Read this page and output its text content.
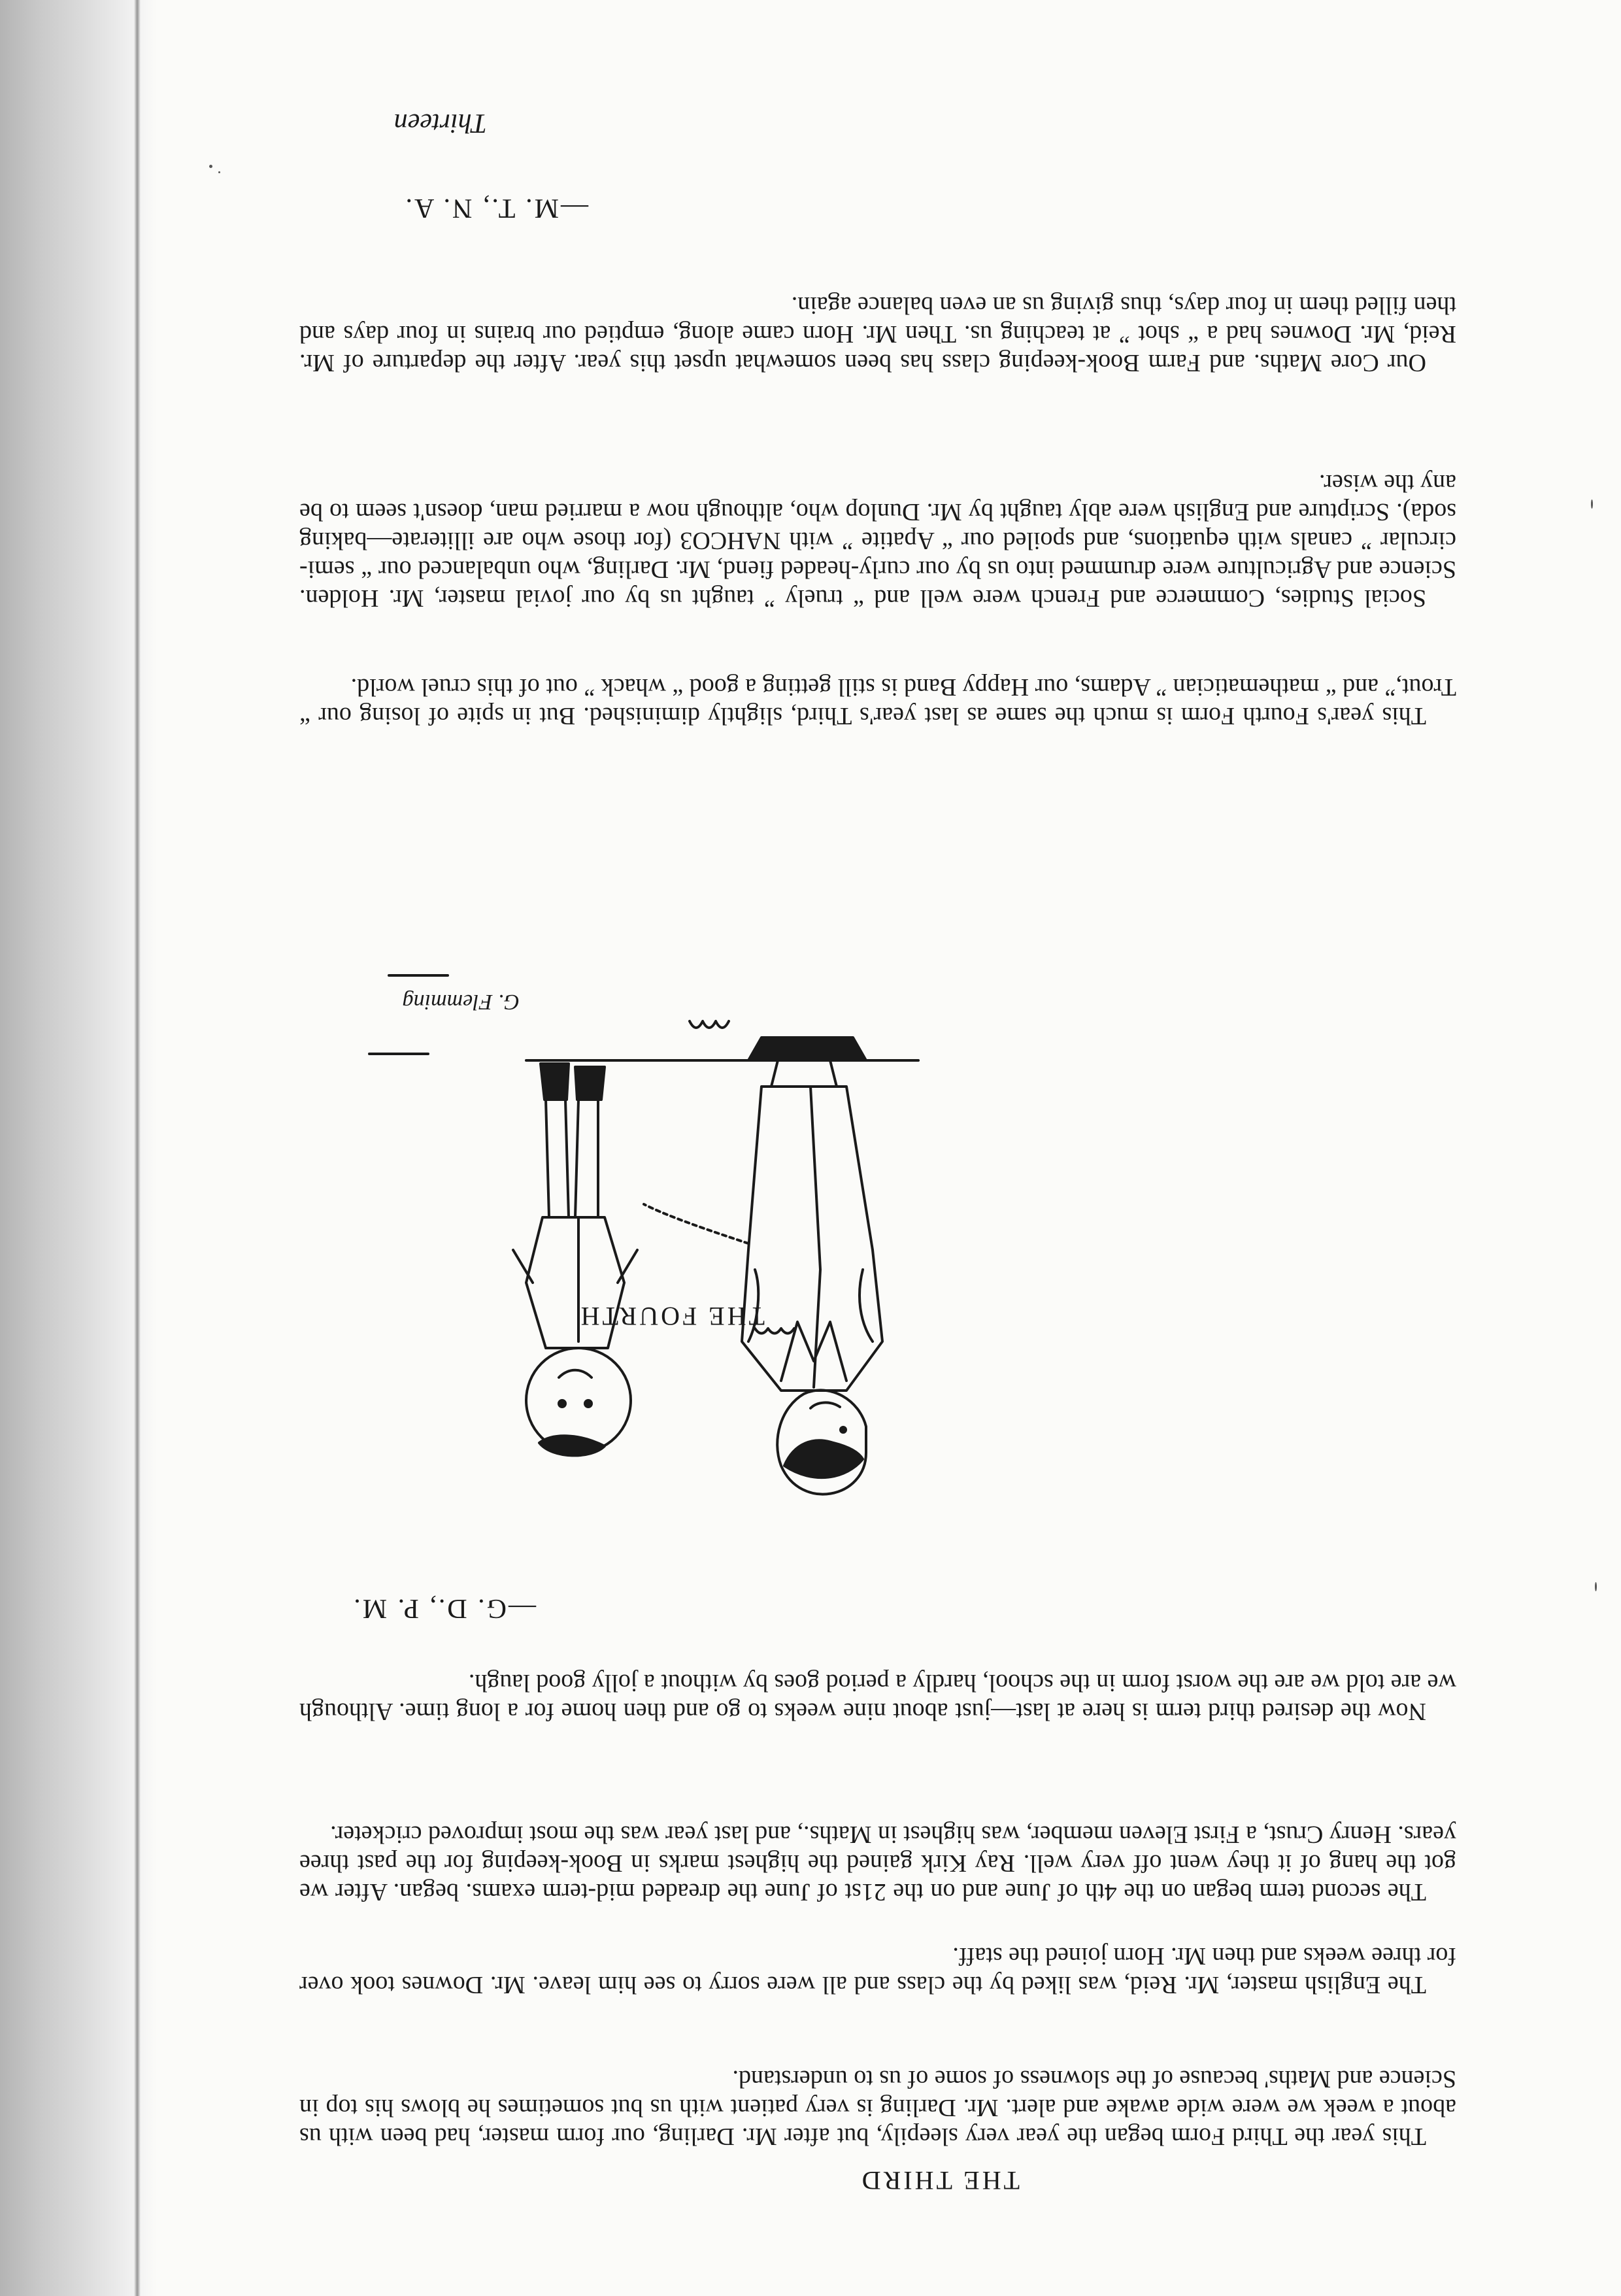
Thirteen

THE THIRD

This year the Third Form began the year very sleepily, but after Mr. Darling, our form master, had been with us about a week we were wide awake and alert. Mr. Darling is very patient with us but sometimes he blows his top in Science and Maths' because of the slowness of some of us to understand.

The English master, Mr. Reid, was liked by the class and all were sorry to see him leave. Mr. Downes took over for three weeks and then Mr. Horn joined the staff.

The second term began on the 4th of June and on the 21st of June the dreaded mid-term exams. began. After we got the hang of it they went off very well. Ray Kirk gained the highest marks in Book-keeping for the past three years. Henry Crust, a First Eleven member, was highest in Maths., and last year was the most improved cricketer.

Now the desired third term is here at last—just about nine weeks to go and then home for a long time. Although we are told we are the worst form in the school, hardly a period goes by without a jolly good laugh.

—G. D., P. M.

G. Flemming
THE FOURTH

This year's Fourth Form is much the same as last year's Third, slightly diminished. But in spite of losing our “ Trout,” and “ mathematician ” Adams, our Happy Band is still getting a good “ whack ” out of this cruel world.

Social Studies, Commerce and French were well and “ truely ” taught us by our jovial master, Mr. Holden. Science and Agriculture were drummed into us by our curly-headed fiend, Mr. Darling, who unbalanced our “ semi-circular ” canals with equations, and spoiled our “ Apatite ” with NAHCO3 (for those who are illiterate—baking soda). Scripture and English were ably taught by Mr. Dunlop who, although now a married man, doesn't seem to be any the wiser.

Our Core Maths. and Farm Book-keeping class has been somewhat upset this year. After the departure of Mr. Reid, Mr. Downes had a “ shot ” at teaching us. Then Mr. Horn came along, emptied our brains in four days and then filled them in four days, thus giving us an even balance again.

—M. T., N. A.
